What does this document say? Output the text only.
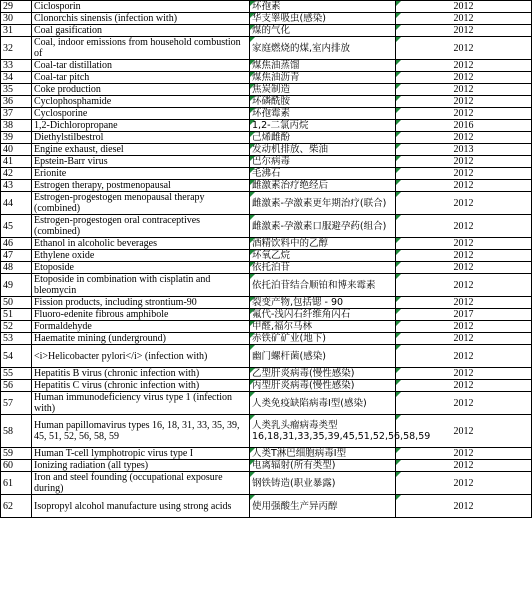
29	Ciclosporin	环孢素	2012
30	Clonorchis sinensis (infection with)	华支睾吸虫(感染)	2012
31	Coal gasification	煤的气化	2012
32	Coal, indoor emissions from household combustion of	家庭燃烧的煤,室内排放	2012
33	Coal-tar distillation	煤焦油蒸馏	2012
34	Coal-tar pitch	煤焦油沥青	2012
35	Coke production	焦炭制造	2012
36	Cyclophosphamide	环磷酰胺	2012
37	Cyclosporine	环孢霉素	2012
38	1,2-Dichloropropane	1,2-二氯丙烷	2016
39	Diethylstilbestrol	己烯雌酚	2012
40	Engine exhaust, diesel	发动机排放、柴油	2013
41	Epstein-Barr virus	巴尔病毒	2012
42	Erionite	毛沸石	2012
43	Estrogen therapy, postmenopausal	雌激素治疗绝经后	2012
44	Estrogen-progestogen menopausal therapy (combined)	雌激素-孕激素更年期治疗(联合)	2012
45	Estrogen-progestogen oral contraceptives (combined)	雌激素-孕激素口服避孕药(组合)	2012
46	Ethanol in alcoholic beverages	酒精饮料中的乙醇	2012
47	Ethylene oxide	环氧乙烷	2012
48	Etoposide	依托泊苷	2012
49	Etoposide in combination with cisplatin and bleomycin	依托泊苷结合顺铂和博来霉素	2012
50	Fission products, including strontium-90	裂变产物,包括锶 - 90	2012
51	Fluoro-edenite fibrous amphibole	氟代-浅闪石纤维角闪石	2017
52	Formaldehyde	甲醛,福尔马林	2012
53	Haematite mining (underground)	赤铁矿矿业(地下)	2012
54	<i>Helicobacter pylori</i> (infection with)	幽门螺杆菌(感染)	2012
55	Hepatitis B virus (chronic infection with)	乙型肝炎病毒(慢性感染)	2012
56	Hepatitis C virus (chronic infection with)	丙型肝炎病毒(慢性感染)	2012
57	Human immunodeficiency virus type 1 (infection with)	人类免疫缺陷病毒I型(感染)	2012
58	Human papillomavirus types 16, 18, 31, 33, 35, 39, 45, 51, 52, 56, 58, 59	人类乳头瘤病毒类型16,18,31,33,35,39,45,51,52,56,58,59	2012
59	Human T-cell lymphotropic virus type I	人类T淋巴细胞病毒I型	2012
60	Ionizing radiation (all types)	电离辐射(所有类型)	2012
61	Iron and steel founding (occupational exposure during)	钢铁铸造(职业暴露)	2012
62	Isopropyl alcohol manufacture using strong acids	使用强酸生产异丙醇	2012
